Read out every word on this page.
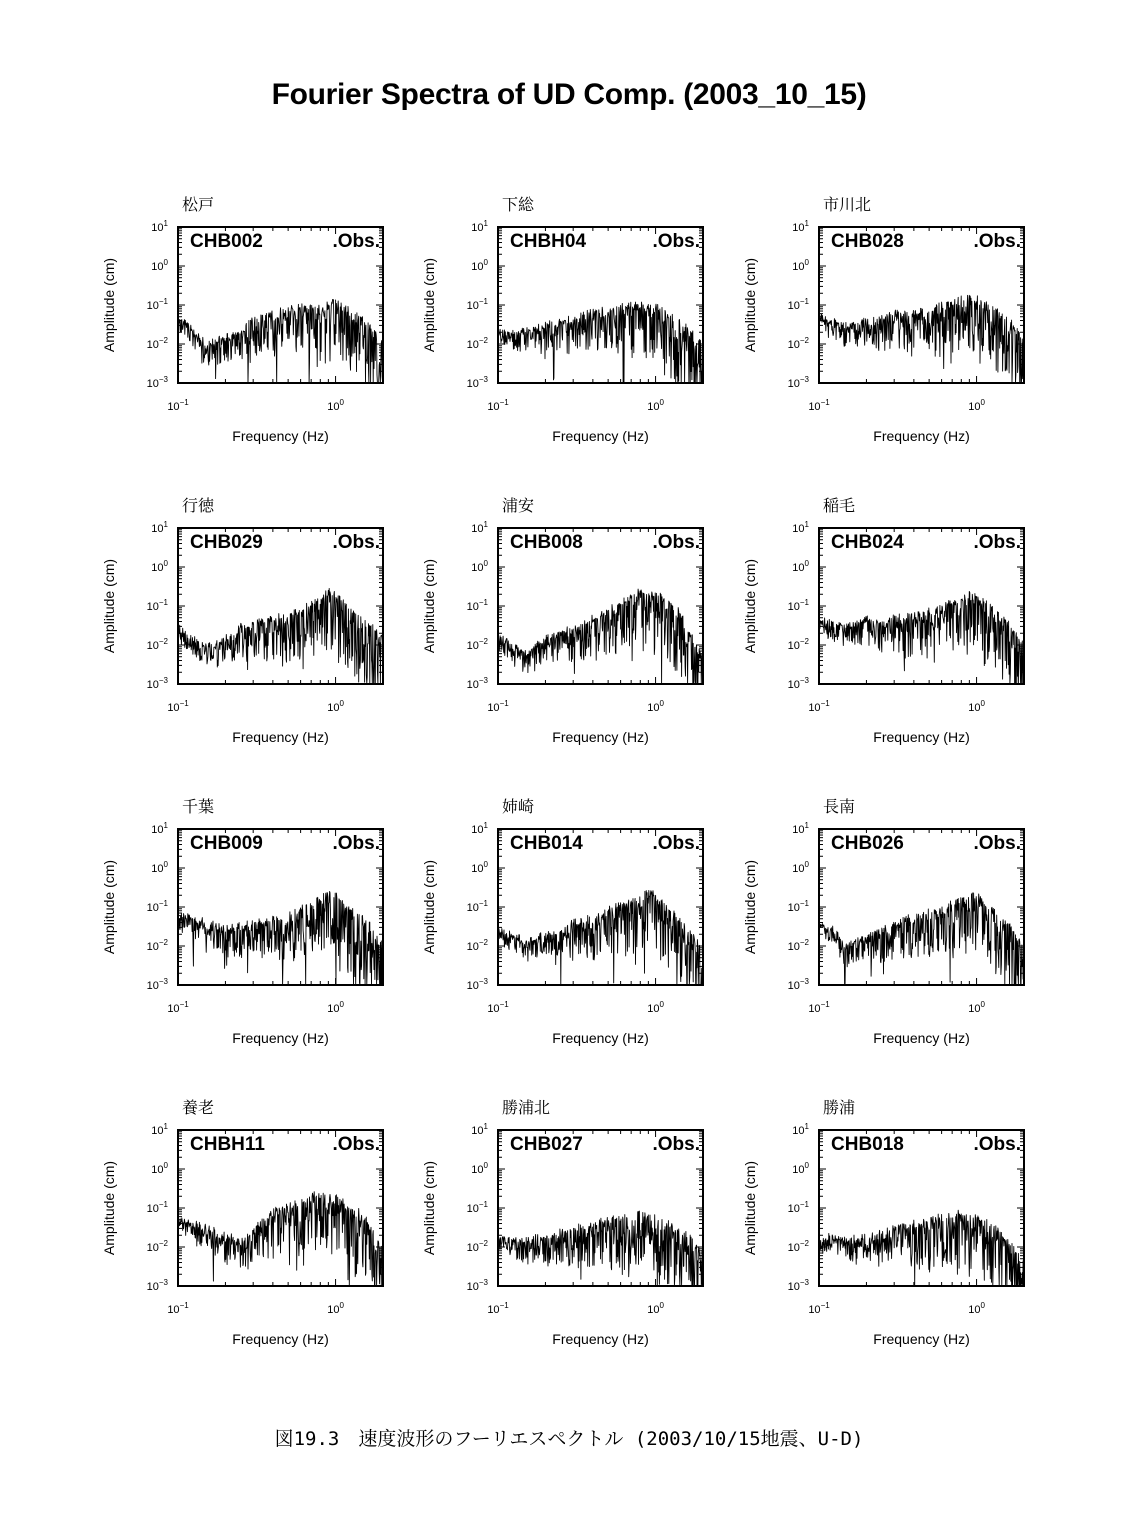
Fourier Spectra of UD Comp. (2003_10_15)
松戸
$10^1$
$10^0$
$10^{-1}$
$10^{-2}$
$10^{-3}$
$10^{-1}$	$10^0$
Frequency (Hz)
Amplitude (cm)
CHB002	.Obs.
下総
$10^1$
$10^0$
$10^{-1}$
$10^{-2}$
$10^{-3}$
$10^{-1}$	$10^0$
Frequency (Hz)
Amplitude (cm)
CHBH04	.Obs.
市川北
$10^1$
$10^0$
$10^{-1}$
$10^{-2}$
$10^{-3}$
$10^{-1}$	$10^0$
Frequency (Hz)
Amplitude (cm)
CHB028	.Obs.
行徳
$10^1$
$10^0$
$10^{-1}$
$10^{-2}$
$10^{-3}$
$10^{-1}$	$10^0$
Frequency (Hz)
Amplitude (cm)
CHB029	.Obs.
浦安
$10^1$
$10^0$
$10^{-1}$
$10^{-2}$
$10^{-3}$
$10^{-1}$	$10^0$
Frequency (Hz)
Amplitude (cm)
CHB008	.Obs.
稲毛
$10^1$
$10^0$
$10^{-1}$
$10^{-2}$
$10^{-3}$
$10^{-1}$	$10^0$
Frequency (Hz)
Amplitude (cm)
CHB024	.Obs.
千葉
$10^1$
$10^0$
$10^{-1}$
$10^{-2}$
$10^{-3}$
$10^{-1}$	$10^0$
Frequency (Hz)
Amplitude (cm)
CHB009	.Obs.
姉崎
$10^1$
$10^0$
$10^{-1}$
$10^{-2}$
$10^{-3}$
$10^{-1}$	$10^0$
Frequency (Hz)
Amplitude (cm)
CHB014	.Obs.
長南
$10^1$
$10^0$
$10^{-1}$
$10^{-2}$
$10^{-3}$
$10^{-1}$	$10^0$
Frequency (Hz)
Amplitude (cm)
CHB026	.Obs.
養老
$10^1$
$10^0$
$10^{-1}$
$10^{-2}$
$10^{-3}$
$10^{-1}$	$10^0$
Frequency (Hz)
Amplitude (cm)
CHBH11	.Obs.
勝浦北
$10^1$
$10^0$
$10^{-1}$
$10^{-2}$
$10^{-3}$
$10^{-1}$	$10^0$
Frequency (Hz)
Amplitude (cm)
CHB027	.Obs.
勝浦
$10^1$
$10^0$
$10^{-1}$
$10^{-2}$
$10^{-3}$
$10^{-1}$	$10^0$
Frequency (Hz)
Amplitude (cm)
CHB018	.Obs.
図19.3　速度波形のフーリエスペクトル (2003/10/15地震、U-D)
